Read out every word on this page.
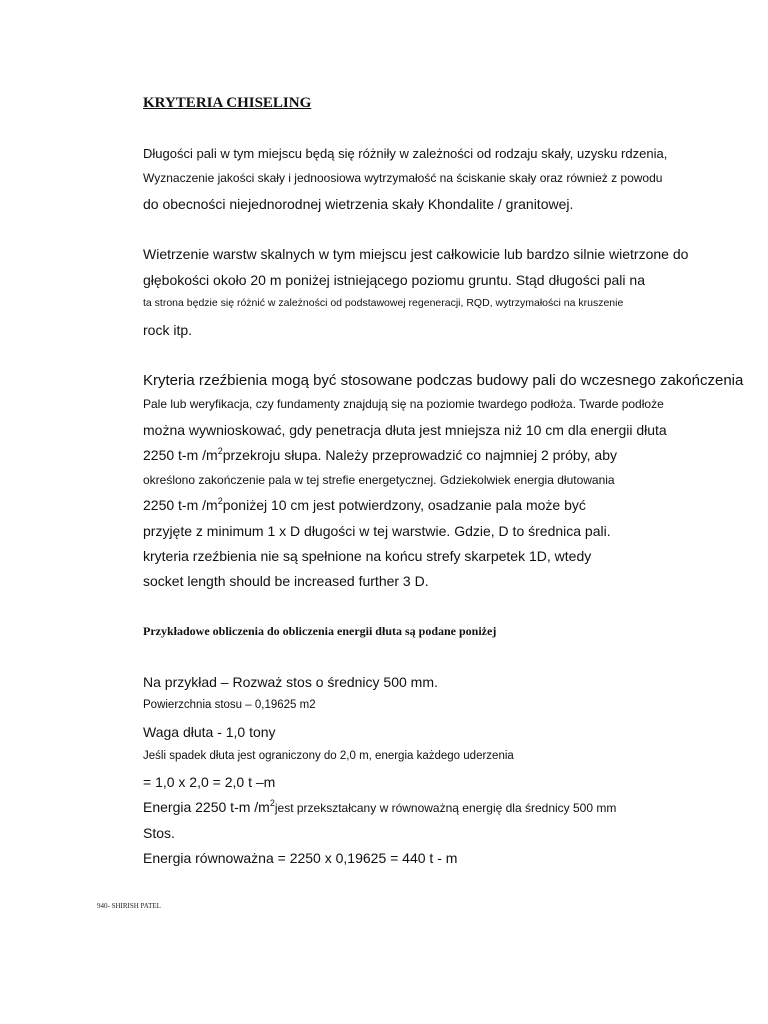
KRYTERIA CHISELING
Długości pali w tym miejscu będą się różniły w zależności od rodzaju skały, uzysku rdzenia,
Wyznaczenie jakości skały i jednoosiowa wytrzymałość na ściskanie skały oraz również z powodu
do obecności niejednorodnej wietrzenia skały Khondalite / granitowej.
Wietrzenie warstw skalnych w tym miejscu jest całkowicie lub bardzo silnie wietrzone do
głębokości około 20 m poniżej istniejącego poziomu gruntu. Stąd długości pali na
ta strona będzie się różnić w zależności od podstawowej regeneracji, RQD, wytrzymałości na kruszenie
rock itp.
Kryteria rzeźbienia mogą być stosowane podczas budowy pali do wczesnego zakończenia
Pale lub weryfikacja, czy fundamenty znajdują się na poziomie twardego podłoża. Twarde podłoże
można wywnioskować, gdy penetracja dłuta jest mniejsza niż 10 cm dla energii dłuta
2250 t-m $/m^2przekroju$ słupa. Należy przeprowadzić co najmniej 2 próby, aby
określono zakończenie pala w tej strefie energetycznej. Gdziekolwiek energia dłutowania
2250 t-m $/m^2poniżej$ 10 cm jest potwierdzony, osadzanie pala może być
przyjęte z minimum 1 x D długości w tej warstwie. Gdzie, D to średnica pali.
kryteria rzeźbienia nie są spełnione na końcu strefy skarpetek 1D, wtedy
socket length should be increased further 3 D.
Przykładowe obliczenia do obliczenia energii dłuta są podane poniżej
Na przykład – Rozważ stos o średnicy 500 mm.
Powierzchnia stosu – 0,19625 m2
Waga dłuta - 1,0 tony
Jeśli spadek dłuta jest ograniczony do 2,0 m, energia każdego uderzenia
= 1,0 x 2,0 = 2,0 t –m
Energia 2250 t-m $/m^2jest$ przekształcany w równoważną energię dla średnicy 500 mm
Stos.
Energia równoważna = 2250 x 0,19625 = 440 t - m
940- SHIRISH PATEL
